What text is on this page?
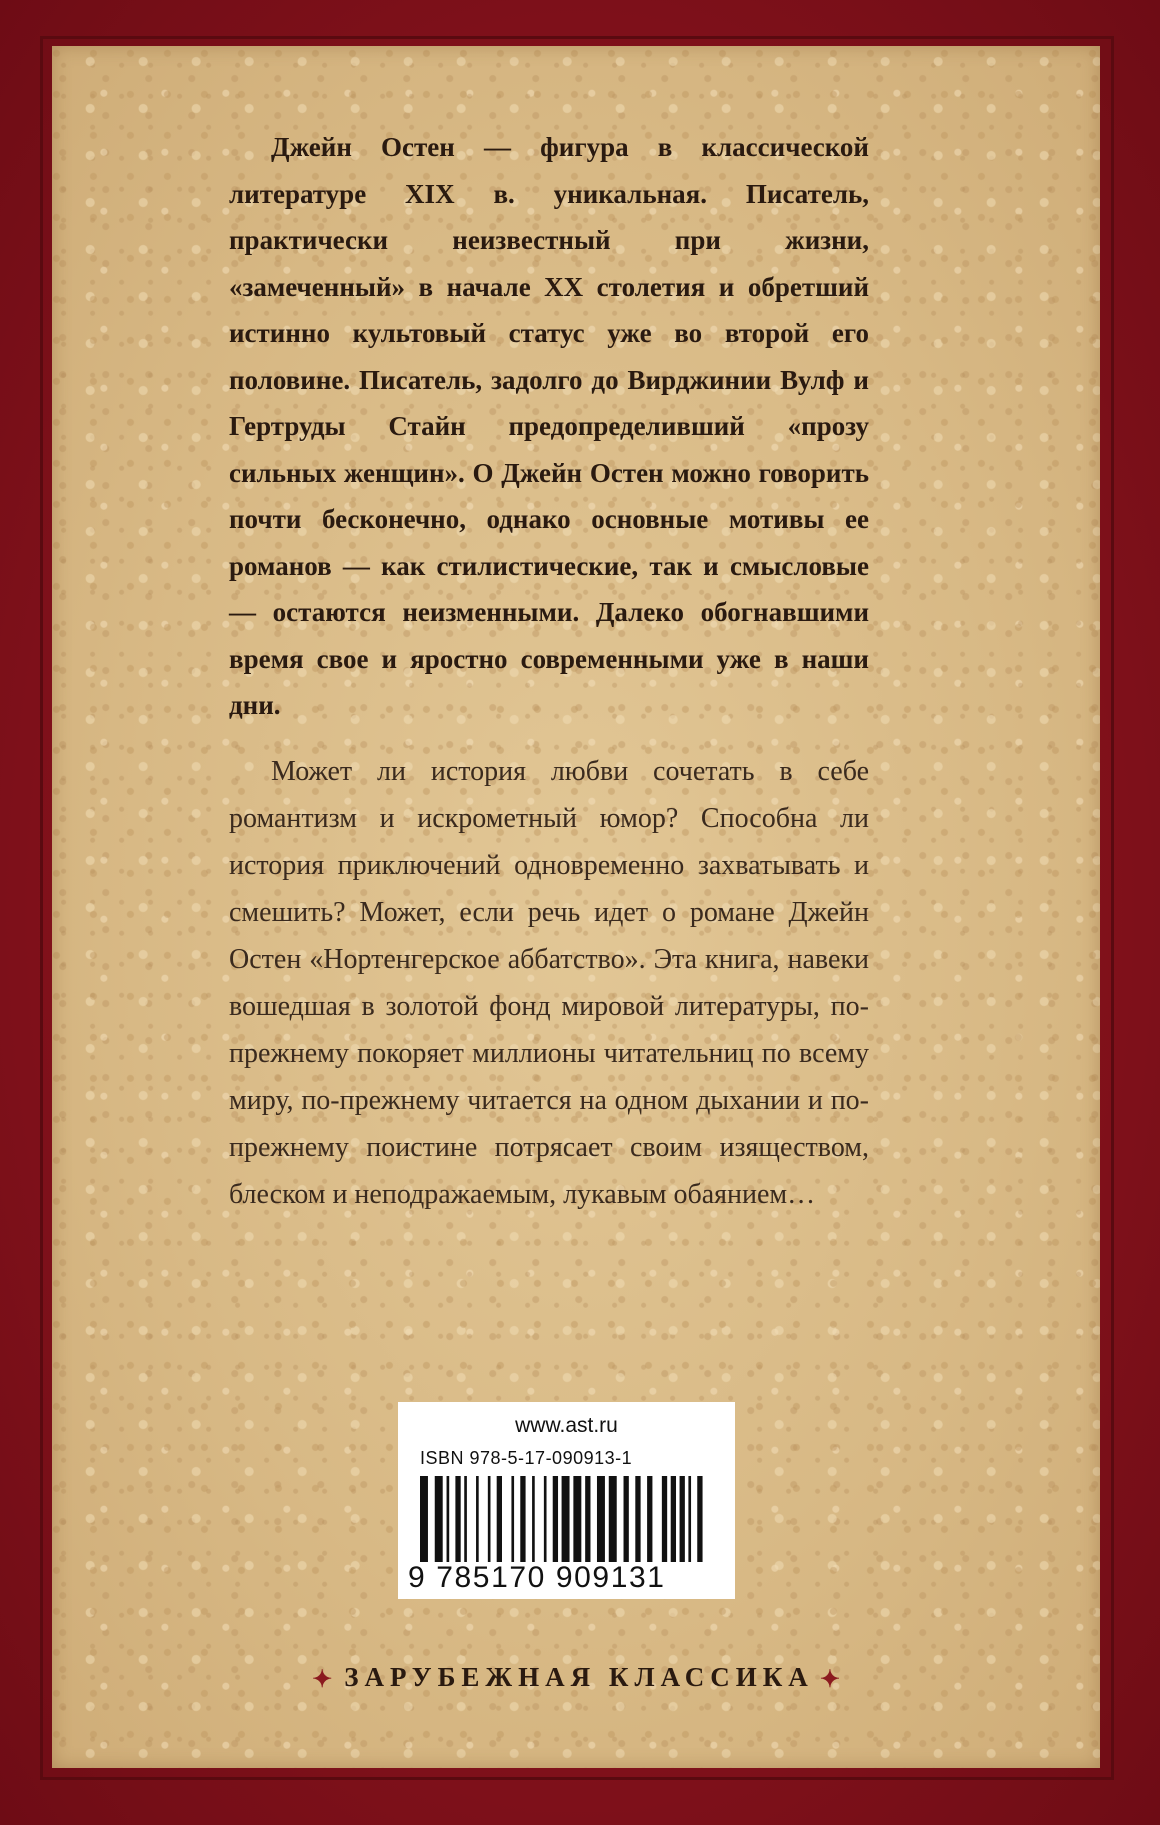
Джейн Остен — фигура в классической литературе XIX в. уникальная. Писатель, практически неизвестный при жизни, «замеченный» в начале XX столетия и обретший истинно культовый статус уже во второй его половине. Писатель, задолго до Вирджинии Вулф и Гертруды Стайн предопределивший «прозу сильных женщин». О Джейн Остен можно говорить почти бесконечно, однако основные мотивы ее романов — как стилистические, так и смысловые — остаются неизменными. Далеко обогнавшими время свое и яростно современными уже в наши дни.
Может ли история любви сочетать в себе романтизм и искрометный юмор? Способна ли история приключений одновременно захватывать и смешить? Может, если речь идет о романе Джейн Остен «Нортенгерское аббатство». Эта книга, навеки вошедшая в золотой фонд мировой литературы, по-прежнему покоряет миллионы читательниц по всему миру, по-прежнему читается на одном дыхании и по-прежнему поистине потрясает своим изяществом, блеском и неподражаемым, лукавым обаянием…
www.ast.ru
ISBN 978-5-17-090913-1
9 785170 909131
✦ ЗАРУБЕЖНАЯ КЛАССИКА ✦
